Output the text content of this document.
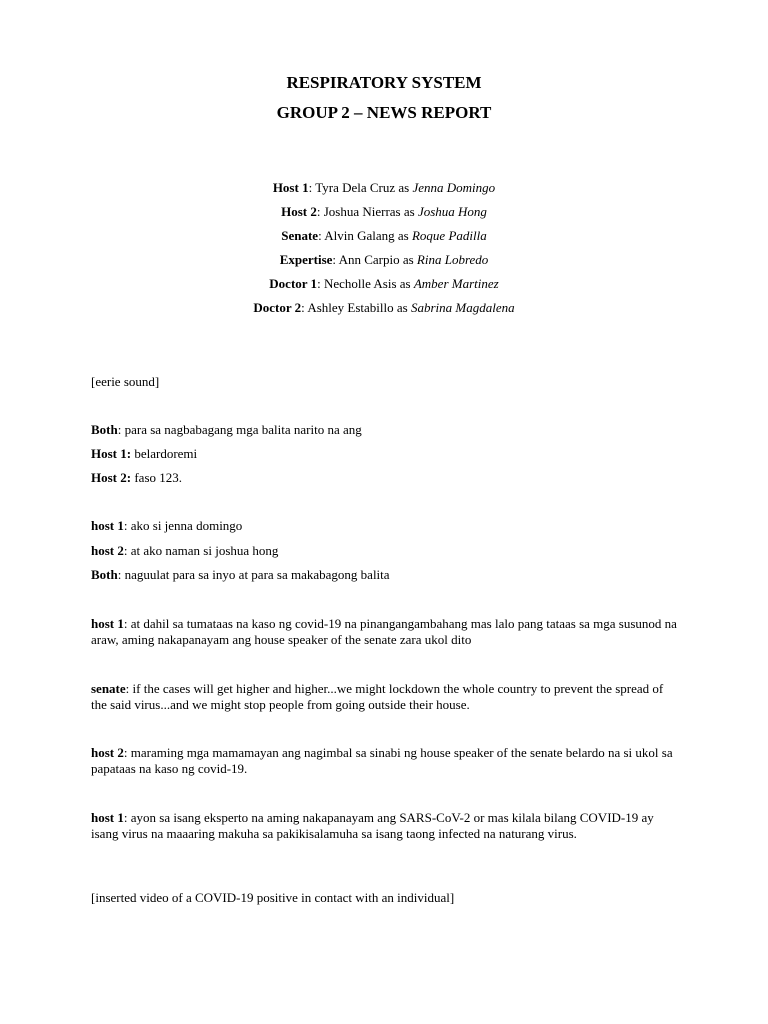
RESPIRATORY SYSTEM
GROUP 2 – NEWS REPORT

Host 1: Tyra Dela Cruz as Jenna Domingo

Host 2: Joshua Nierras as Joshua Hong

Senate: Alvin Galang as Roque Padilla

Expertise: Ann Carpio as Rina Lobredo

Doctor 1: Necholle Asis as Amber Martinez

Doctor 2: Ashley Estabillo as Sabrina Magdalena

[eerie sound]

Both: para sa nagbabagang mga balita narito na ang

Host 1: belardoremi

Host 2: faso 123.

host 1: ako si jenna domingo

host 2: at ako naman si joshua hong

Both: naguulat para sa inyo at para sa makabagong balita

host 1: at dahil sa tumataas na kaso ng covid-19 na pinangangambahang mas lalo pang tataas sa mga susunod na araw, aming nakapanayam ang house speaker of the senate zara ukol dito

senate: if the cases will get higher and higher...we might lockdown the whole country to prevent the spread of the said virus...and we might stop people from going outside their house.

host 2: maraming mga mamamayan ang nagimbal sa sinabi ng house speaker of the senate belardo na si ukol sa papataas na kaso ng covid-19.

host 1: ayon sa isang eksperto na aming nakapanayam ang SARS-CoV-2 or mas kilala bilang COVID-19 ay isang virus na maaaring makuha sa pakikisalamuha sa isang taong infected na naturang virus.

[inserted video of a COVID-19 positive in contact with an individual]
